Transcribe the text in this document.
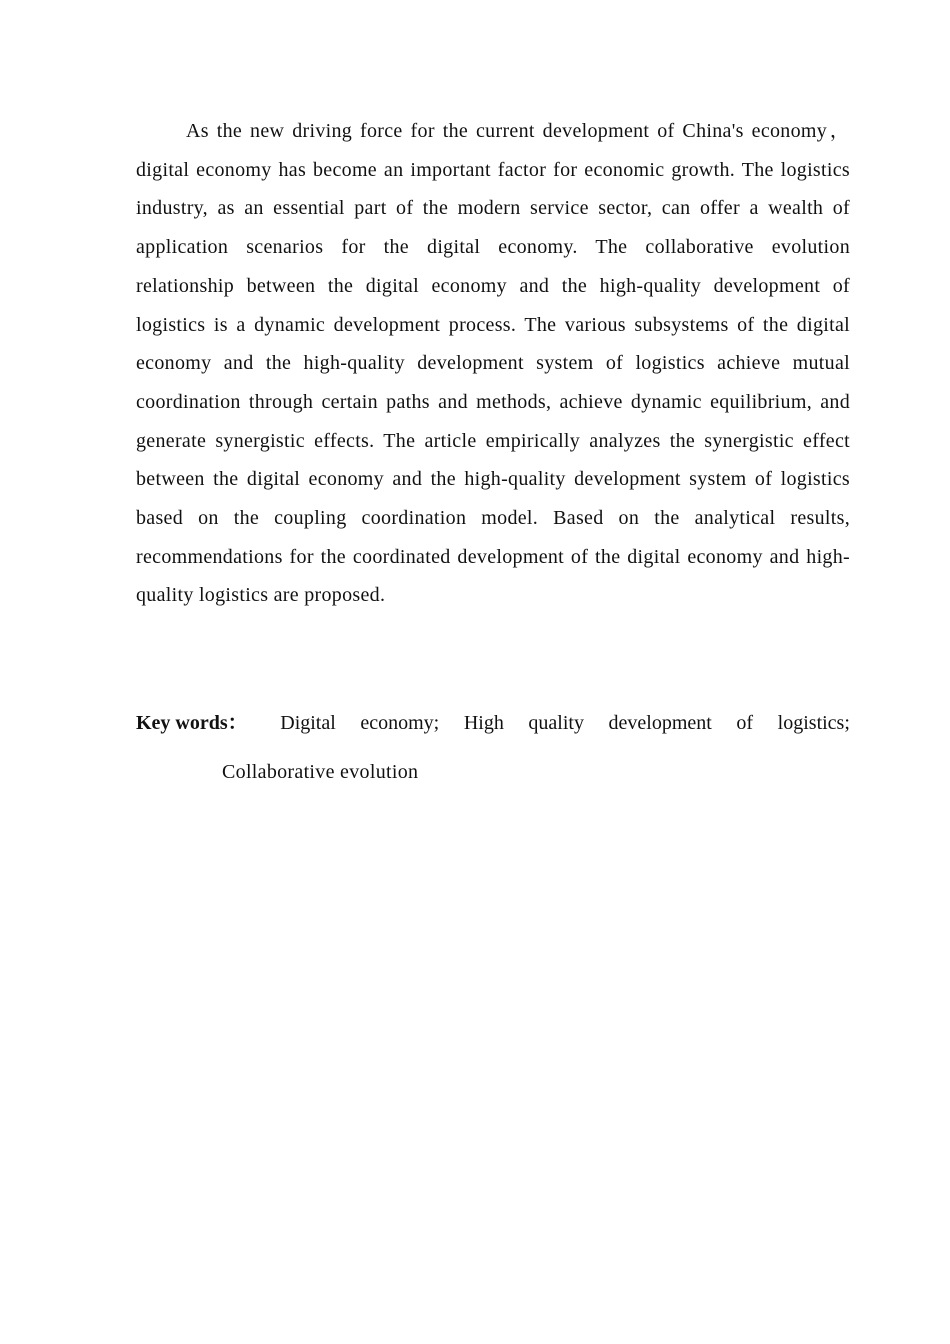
As the new driving force for the current development of China's economy，digital economy has become an important factor for economic growth. The logistics industry, as an essential part of the modern service sector, can offer a wealth of application scenarios for the digital economy. The collaborative evolution relationship between the digital economy and the high-quality development of logistics is a dynamic development process. The various subsystems of the digital economy and the high-quality development system of logistics achieve mutual coordination through certain paths and methods, achieve dynamic equilibrium, and generate synergistic effects. The article empirically analyzes the synergistic effect between the digital economy and the high-quality development system of logistics based on the coupling coordination model. Based on the analytical results, recommendations for the coordinated development of the digital economy and high-quality logistics are proposed.

Key words： Digital economy; High quality development of logistics;
Collaborative evolution
